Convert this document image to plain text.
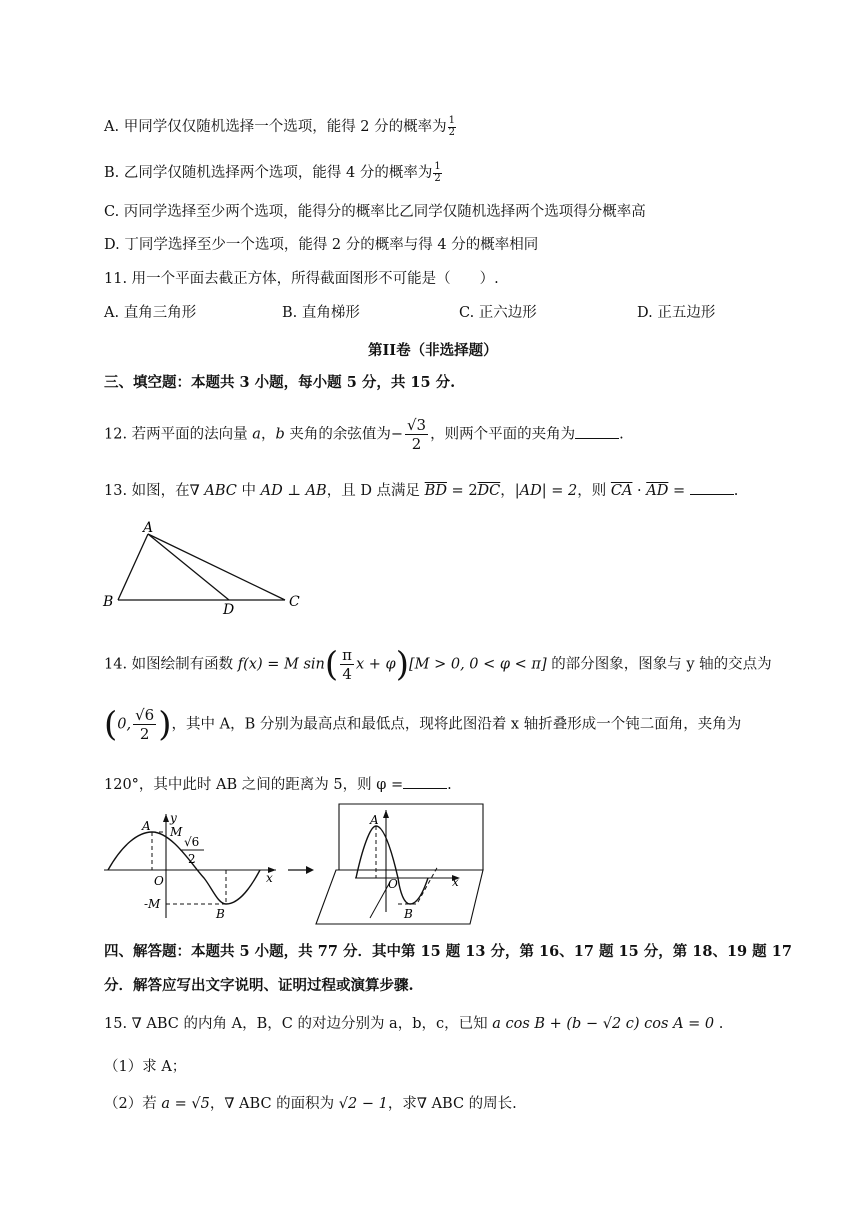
A. 甲同学仅仅随机选择一个选项，能得 2 分的概率为 $\frac{1}{2}$
B. 乙同学仅随机选择两个选项，能得 4 分的概率为 $\frac{1}{2}$
C. 丙同学选择至少两个选项，能得分的概率比乙同学仅随机选择两个选项得分概率高
D. 丁同学选择至少一个选项，能得 2 分的概率与得 4 分的概率相同
11. 用一个平面去截正方体，所得截面图形不可能是（　　）.
A. 直角三角形	B. 直角梯形	C. 正六边形	D. 正五边形
第II卷（非选择题）
三、填空题：本题共 3 小题，每小题 5 分，共 15 分.
12. 若两平面的法向量 a，b 夹角的余弦值为− $\frac{√3}{2}$ ，则两个平面的夹角为	.
13. 如图，在∇ ABC 中 AD ⊥ AB，且 D 点满足 $\overline{BD} = 2\overline{DC}$，|AD| = 2，则 $\overline{CA} \cdot \overline{AD}$ =	.
A
B	D	C
14. 如图绘制有函数 f(x) = M $\sin( \frac{\pi}{4}$ x + φ)[M > 0, 0 < φ < π] 的部分图象，图象与 y 轴的交点为
(0, $\frac{√6}{2}$ )，其中 A，B 分别为最高点和最低点，现将此图沿着 x 轴折叠形成一个钝二面角，夹角为
120°，其中此时 AB 之间的距离为 5，则 φ =	.
y
A M
√6
2
O	x
-M
B
A
O	x
B
四、解答题：本题共 5 小题，共 77 分．其中第 15 题 13 分，第 16、17 题 15 分，第 18、19 题 17
分．解答应写出文字说明、证明过程或演算步骤.
15. ∇ ABC 的内角 A，B，C 的对边分别为 a，b，c，已知 a cos B + (b − √2 c) cos A = 0 .
（1）求 A；
（2）若 a = √5，∇ ABC 的面积为 √2 − 1，求∇ ABC 的周长.
